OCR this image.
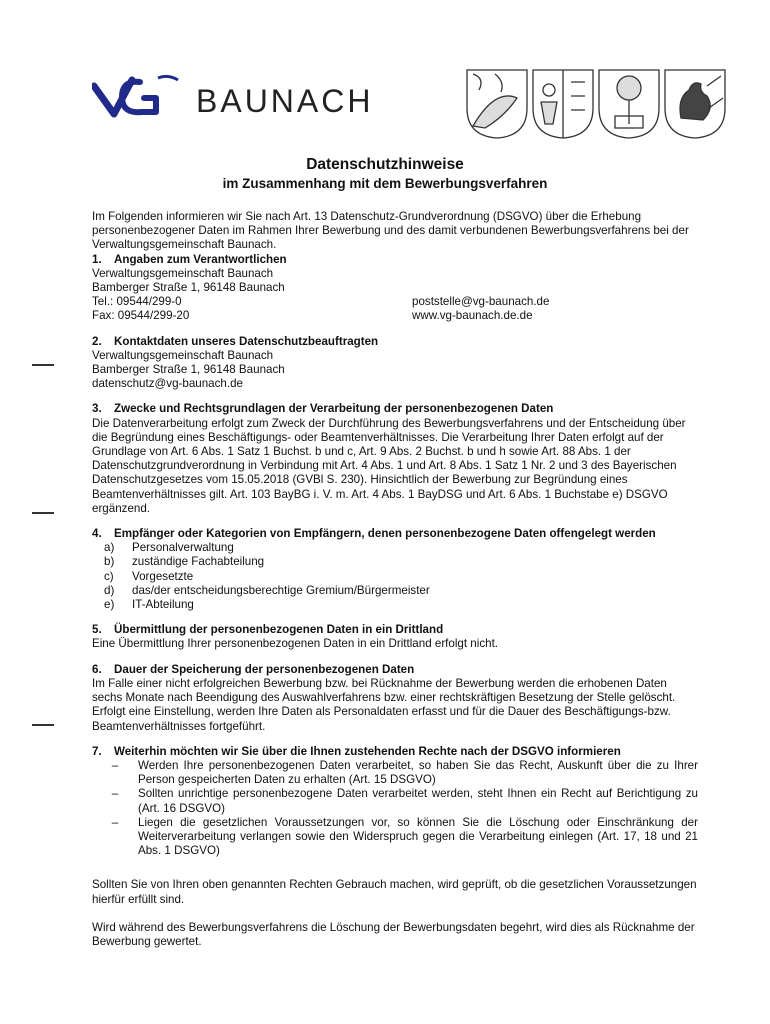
BAUNACH
Datenschutzhinweise
im Zusammenhang mit dem Bewerbungsverfahren

Im Folgenden informieren wir Sie nach Art. 13 Datenschutz-Grundverordnung (DSGVO) über die Erhebung personenbezogener Daten im Rahmen Ihrer Bewerbung und des damit verbundenen Bewerbungsverfahrens bei der Verwaltungsgemeinschaft Baunach.

1. Angaben zum Verantwortlichen

Verwaltungsgemeinschaft Baunach

Bamberger Straße 1, 96148 Baunach

Tel.: 09544/299-0	poststelle@vg-baunach.de

Fax: 09544/299-20	www.vg-baunach.de.de

2. Kontaktdaten unseres Datenschutzbeauftragten

Verwaltungsgemeinschaft Baunach

Bamberger Straße 1, 96148 Baunach

datenschutz@vg-baunach.de

3. Zwecke und Rechtsgrundlagen der Verarbeitung der personenbezogenen Daten

Die Datenverarbeitung erfolgt zum Zweck der Durchführung des Bewerbungsverfahrens und der Entscheidung über die Begründung eines Beschäftigungs- oder Beamtenverhältnisses. Die Verarbeitung Ihrer Daten erfolgt auf der Grundlage von Art. 6 Abs. 1 Satz 1 Buchst. b und c, Art. 9 Abs. 2 Buchst. b und h sowie Art. 88 Abs. 1 der Datenschutzgrundverordnung in Verbindung mit Art. 4 Abs. 1 und Art. 8 Abs. 1 Satz 1 Nr. 2 und 3 des Bayerischen Datenschutzgesetzes vom 15.05.2018 (GVBl S. 230). Hinsichtlich der Bewerbung zur Begründung eines Beamtenverhältnisses gilt. Art. 103 BayBG i. V. m. Art. 4 Abs. 1 BayDSG und Art. 6 Abs. 1 Buchstabe e) DSGVO ergänzend.

4.	Empfänger oder Kategorien von Empfängern, denen personenbezogene Daten offengelegt werden

a) Personalverwaltung
b) zuständige Fachabteilung
c) Vorgesetzte
d) das/der entscheidungsberechtige Gremium/Bürgermeister
e) IT-Abteilung

5. Übermittlung der personenbezogenen Daten in ein Drittland

Eine Übermittlung Ihrer personenbezogenen Daten in ein Drittland erfolgt nicht.

6. Dauer der Speicherung der personenbezogenen Daten

Im Falle einer nicht erfolgreichen Bewerbung bzw. bei Rücknahme der Bewerbung werden die erhobenen Daten sechs Monate nach Beendigung des Auswahlverfahrens bzw. einer rechtskräftigen Besetzung der Stelle gelöscht. Erfolgt eine Einstellung, werden Ihre Daten als Personaldaten erfasst und für die Dauer des Beschäftigungs-bzw. Beamtenverhältnisses fortgeführt.

7. Weiterhin möchten wir Sie über die Ihnen zustehenden Rechte nach der DSGVO informieren

–	Werden Ihre personenbezogenen Daten verarbeitet, so haben Sie das Recht, Auskunft über die zu Ihrer Person gespeicherten Daten zu erhalten (Art. 15 DSGVO)
–	Sollten unrichtige personenbezogene Daten verarbeitet werden, steht Ihnen ein Recht auf Berichtigung zu (Art. 16 DSGVO)
–	Liegen die gesetzlichen Voraussetzungen vor, so können Sie die Löschung oder Einschränkung der Weiterverarbeitung verlangen sowie den Widerspruch gegen die Verarbeitung einlegen (Art. 17, 18 und 21 Abs. 1 DSGVO)

Sollten Sie von Ihren oben genannten Rechten Gebrauch machen, wird geprüft, ob die gesetzlichen Voraussetzungen hierfür erfüllt sind.

Wird während des Bewerbungsverfahrens die Löschung der Bewerbungsdaten begehrt, wird dies als Rücknahme der Bewerbung gewertet.
